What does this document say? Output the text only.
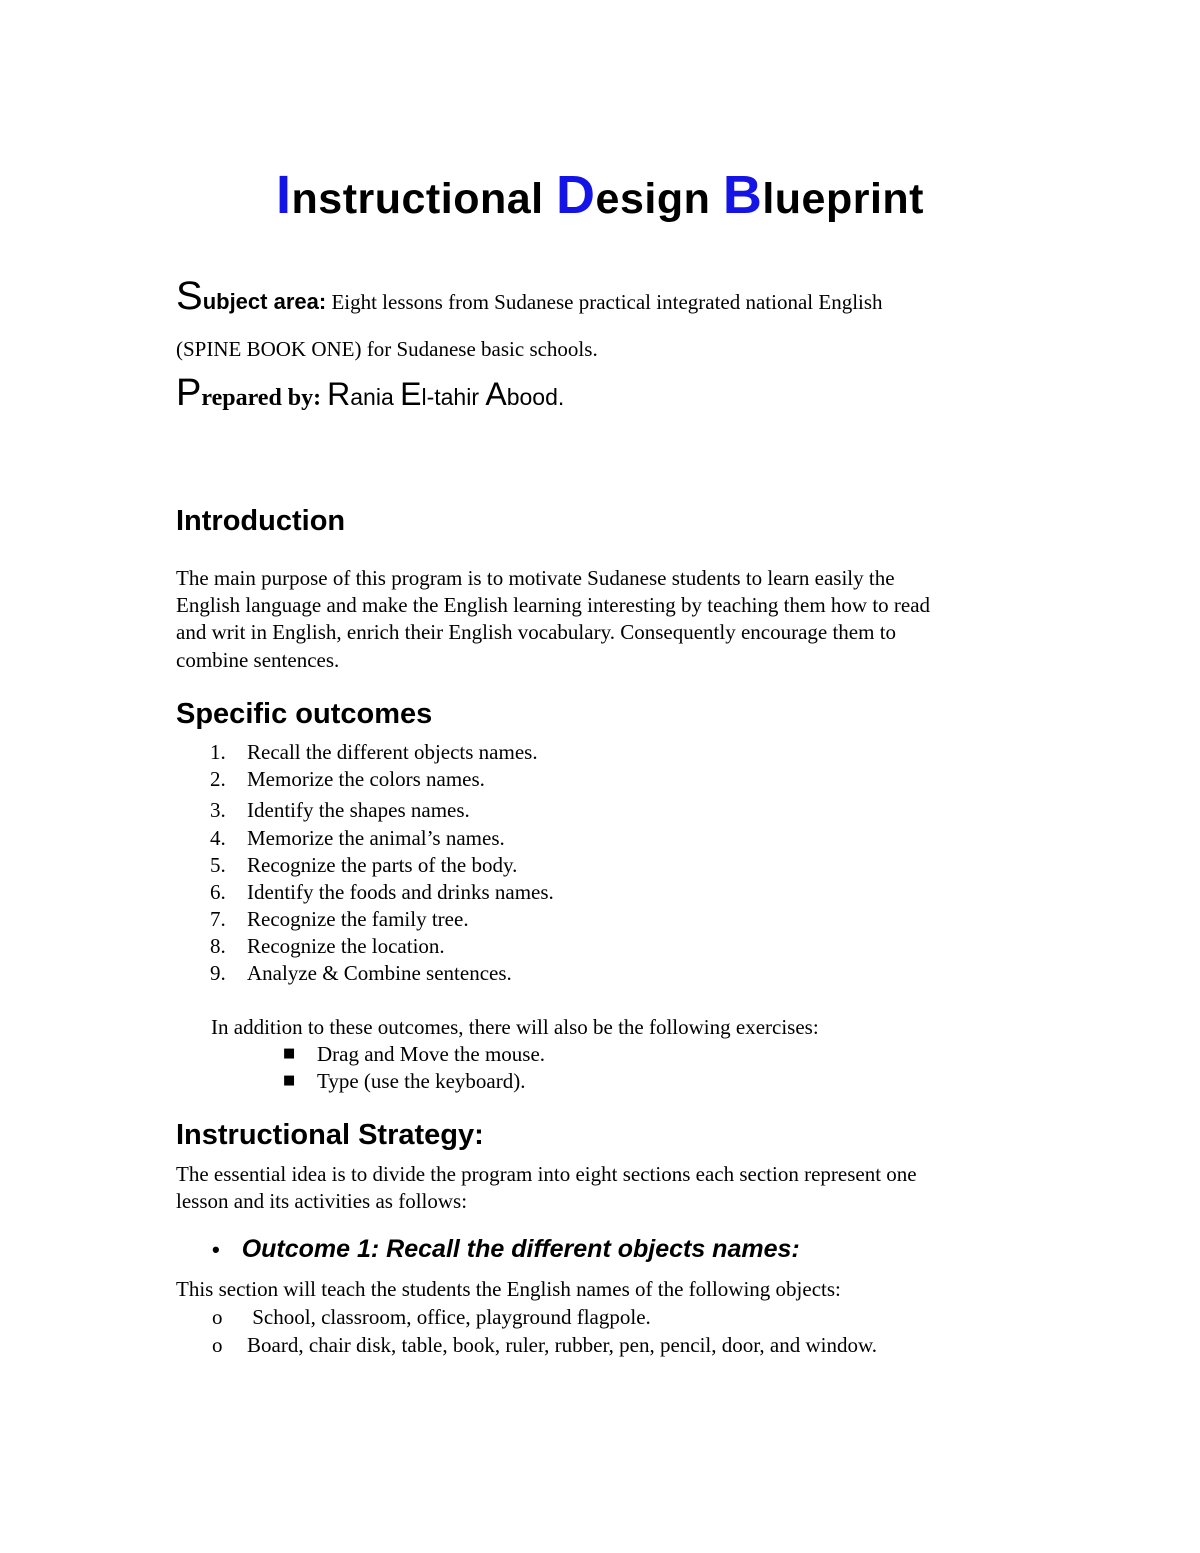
Instructional Design Blueprint
Subject area: Eight lessons from Sudanese practical integrated national English
(SPINE BOOK ONE) for Sudanese basic schools.
Prepared by: Rania El-tahir Abood.
Introduction
The main purpose of this program is to motivate Sudanese students to learn easily the
English language and make the English learning interesting by teaching them how to read
and writ in English, enrich their English vocabulary. Consequently encourage them to
combine sentences.
Specific outcomes
1.	Recall the different objects names.
2.	Memorize the colors names.
3.	Identify the shapes names.
4.	Memorize the animal’s names.
5.	Recognize the parts of the body.
6.	Identify the foods and drinks names.
7.	Recognize the family tree.
8.	Recognize the location.
9.	Analyze & Combine sentences.
In addition to these outcomes, there will also be the following exercises:
■ Drag and Move the mouse.
■ Type (use the keyboard).
Instructional Strategy:
The essential idea is to divide the program into eight sections each section represent one
lesson and its activities as follows:
• Outcome 1: Recall the different objects names:
This section will teach the students the English names of the following objects:
o School, classroom, office, playground flagpole.
o Board, chair disk, table, book, ruler, rubber, pen, pencil, door, and window.
